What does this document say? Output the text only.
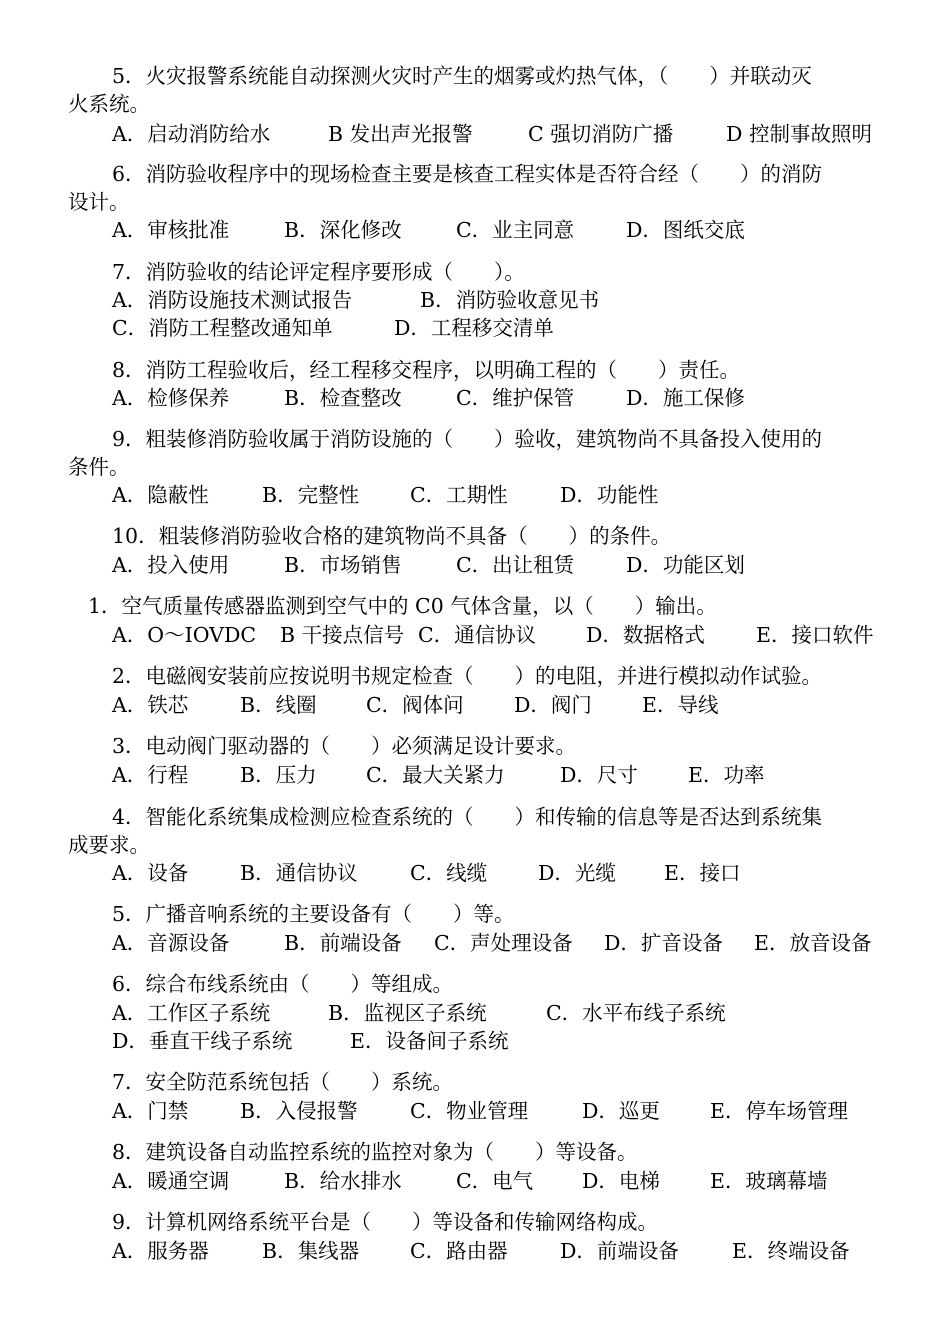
5．火灾报警系统能自动探测火灾时产生的烟雾或灼热气体，（　　）并联动灭
火系统。
A．启动消防给水	B 发出声光报警	C 强切消防广播	D 控制事故照明
6．消防验收程序中的现场检查主要是核查工程实体是否符合经（　　）的消防
设计。
A．审核批准	B．深化修改	C．业主同意	D．图纸交底
7．消防验收的结论评定程序要形成（　　）。
A．消防设施技术测试报告	B．消防验收意见书
C．消防工程整改通知单	D．工程移交清单
8．消防工程验收后，经工程移交程序，以明确工程的（　　）责任。
A．检修保养	B．检查整改	C．维护保管	D．施工保修
9．粗装修消防验收属于消防设施的（　　）验收，建筑物尚不具备投入使用的
条件。
A．隐蔽性	B．完整性 C．工期性	D．功能性
10．粗装修消防验收合格的建筑物尚不具备（　　）的条件。
A．投入使用	B．市场销售	C．出让租赁	D．功能区划
1．空气质量传感器监测到空气中的 C0 气体含量，以（　　）输出。
A．O～IOVDC B 干接点信号 C．通信协议 D．数据格式 E．接口软件
2．电磁阀安装前应按说明书规定检查（　　）的电阻，并进行模拟动作试验。
A．铁芯	B．线圈 C．阀体问 D．阀门 E．导线
3．电动阀门驱动器的（　　）必须满足设计要求。
A．行程	B．压力 C．最大关紧力	D．尺寸 E．功率
4．智能化系统集成检测应检查系统的（　　）和传输的信息等是否达到系统集
成要求。
A．设备	B．通信协议	C．线缆 D．光缆 E．接口
5．广播音响系统的主要设备有（　　）等。
A．音源设备	B．前端设备 C．声处理设备 D．扩音设备 E．放音设备
6．综合布线系统由（　　）等组成。
A．工作区子系统	B．监视区子系统	C．水平布线子系统
D．垂直干线子系统	E．设备间子系统
7．安全防范系统包括（　　）系统。
A．门禁	B．入侵报警	C．物业管理	D．巡更 E．停车场管理
8．建筑设备自动监控系统的监控对象为（　　）等设备。
A．暖通空调	B．给水排水	C．电气 D．电梯 E．玻璃幕墙
9．计算机网络系统平台是（　　）等设备和传输网络构成。
A．服务器	B．集线器 C．路由器	D．前端设备	E．终端设备
